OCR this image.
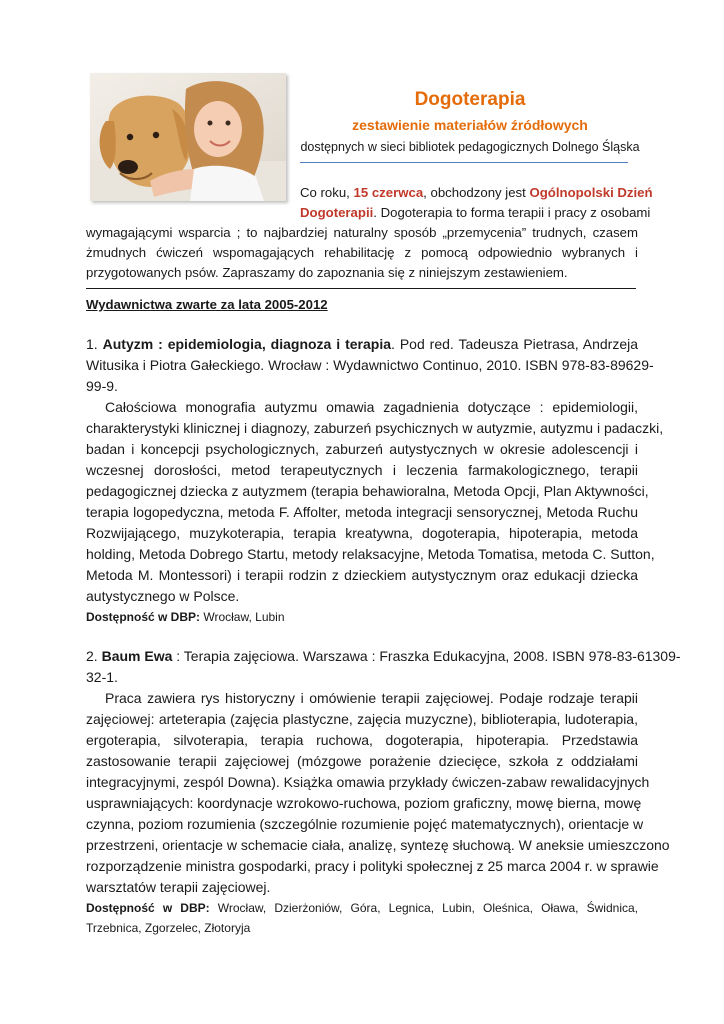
Dogoterapia
zestawienie materiałów źródłowych
dostępnych w sieci bibliotek pedagogicznych Dolnego Śląska
Co roku, 15 czerwca, obchodzony jest Ogólnopolski Dzień
Dogoterapii. Dogoterapia to forma terapii i pracy z osobami
wymagającymi wsparcia ; to najbardziej naturalny sposób „przemycenia” trudnych, czasem
żmudnych ćwiczeń wspomagających rehabilitację z pomocą odpowiednio wybranych i
przygotowanych psów. Zapraszamy do zapoznania się z niniejszym zestawieniem.
Wydawnictwa zwarte za lata 2005-2012
1. Autyzm : epidemiologia, diagnoza i terapia. Pod red. Tadeusza Pietrasa, Andrzeja
Witusika i Piotra Gałeckiego. Wrocław : Wydawnictwo Continuo, 2010. ISBN 978-83-89629-
99-9.
Całościowa monografia autyzmu omawia zagadnienia dotyczące : epidemiologii,
charakterystyki klinicznej i diagnozy, zaburzeń psychicznych w autyzmie, autyzmu i padaczki,
badan i koncepcji psychologicznych, zaburzeń autystycznych w okresie adolescencji i
wczesnej dorosłości, metod terapeutycznych i leczenia farmakologicznego, terapii
pedagogicznej dziecka z autyzmem (terapia behawioralna, Metoda Opcji, Plan Aktywności,
terapia logopedyczna, metoda F. Affolter, metoda integracji sensorycznej, Metoda Ruchu
Rozwijającego, muzykoterapia, terapia kreatywna, dogoterapia, hipoterapia, metoda
holding, Metoda Dobrego Startu, metody relaksacyjne, Metoda Tomatisa, metoda C. Sutton,
Metoda M. Montessori) i terapii rodzin z dzieckiem autystycznym oraz edukacji dziecka
autystycznego w Polsce.
Dostępność w DBP: Wrocław, Lubin
2. Baum Ewa : Terapia zajęciowa. Warszawa : Fraszka Edukacyjna, 2008. ISBN 978-83-61309-
32-1.
Praca zawiera rys historyczny i omówienie terapii zajęciowej. Podaje rodzaje terapii
zajęciowej: arteterapia (zajęcia plastyczne, zajęcia muzyczne), biblioterapia, ludoterapia,
ergoterapia, silvoterapia, terapia ruchowa, dogoterapia, hipoterapia. Przedstawia
zastosowanie terapii zajęciowej (mózgowe porażenie dziecięce, szkoła z oddziałami
integracyjnymi, zespól Downa). Książka omawia przykłady ćwiczen-zabaw rewalidacyjnych
usprawniających: koordynacje wzrokowo-ruchowa, poziom graficzny, mowę bierna, mowę
czynna, poziom rozumienia (szczególnie rozumienie pojęć matematycznych), orientacje w
przestrzeni, orientacje w schemacie ciała, analizę, syntezę słuchową. W aneksie umieszczono
rozporządzenie ministra gospodarki, pracy i polityki społecznej z 25 marca 2004 r. w sprawie
warsztatów terapii zajęciowej.
Dostępność w DBP: Wrocław, Dzierżoniów, Góra, Legnica, Lubin, Oleśnica, Oława, Świdnica,
Trzebnica, Zgorzelec, Złotoryja
